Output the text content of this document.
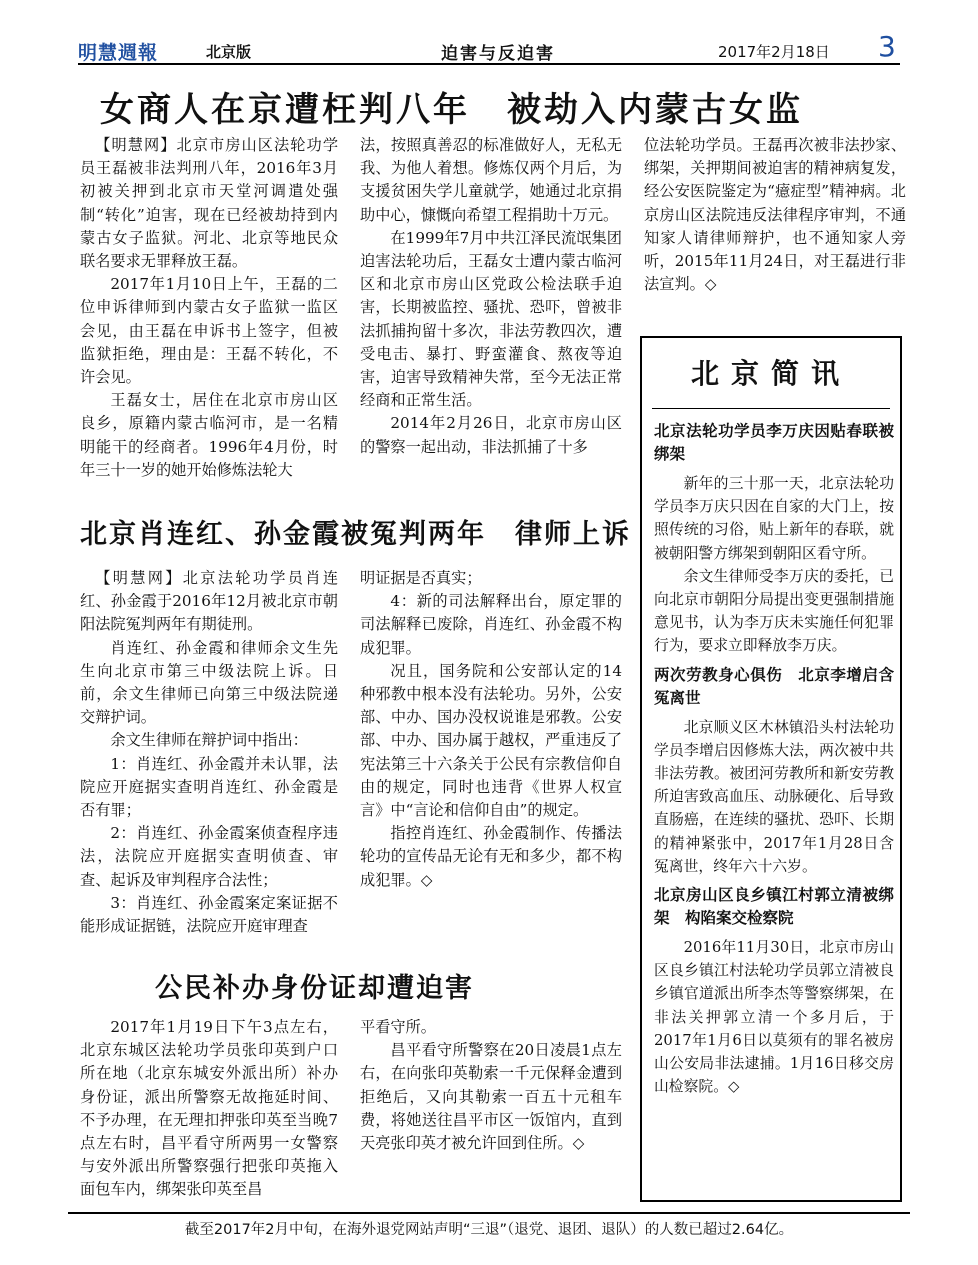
明慧週報	北京版	迫害与反迫害	2017年2月18日 3
女商人在京遭枉判八年　被劫入内蒙古女监

【明慧网】北京市房山区法轮功学员王磊被非法判刑八年，2016年3月初被关押到北京市天堂河调遣处强制“转化”迫害，现在已经被劫持到内蒙古女子监狱。河北、北京等地民众联名要求无罪释放王磊。

2017年1月10日上午，王磊的二位申诉律师到内蒙古女子监狱一监区会见，由王磊在申诉书上签字，但被监狱拒绝，理由是：王磊不转化，不许会见。

王磊女士，居住在北京市房山区良乡，原籍内蒙古临河市，是一名精明能干的经商者。1996年4月份，时年三十一岁的她开始修炼法轮大

法，按照真善忍的标准做好人，无私无我、为他人着想。修炼仅两个月后，为支援贫困失学儿童就学，她通过北京捐助中心，慷慨向希望工程捐助十万元。

在1999年7月中共江泽民流氓集团迫害法轮功后，王磊女士遭内蒙古临河区和北京市房山区党政公检法联手迫害，长期被监控、骚扰、恐吓，曾被非法抓捕拘留十多次，非法劳教四次，遭受电击、暴打、野蛮灌食、熬夜等迫害，迫害导致精神失常，至今无法正常经商和正常生活。

2014年2月26日，北京市房山区的警察一起出动，非法抓捕了十多

位法轮功学员。王磊再次被非法抄家、绑架，关押期间被迫害的精神病复发，经公安医院鉴定为“癔症型”精神病。北京房山区法院违反法律程序审判，不通知家人请律师辩护，也不通知家人旁听，2015年11月24日，对王磊进行非法宣判。◇

北京肖连红、孙金霞被冤判两年　律师上诉

【明慧网】北京法轮功学员肖连红、孙金霞于2016年12月被北京市朝阳法院冤判两年有期徒刑。

肖连红、孙金霞和律师余文生先生向北京市第三中级法院上诉。日前，余文生律师已向第三中级法院递交辩护词。

余文生律师在辩护词中指出：

1：肖连红、孙金霞并未认罪，法院应开庭据实查明肖连红、孙金霞是否有罪；

2：肖连红、孙金霞案侦查程序违法，法院应开庭据实查明侦查、审查、起诉及审判程序合法性；

3：肖连红、孙金霞案定案证据不能形成证据链，法院应开庭审理查

明证据是否真实；

4：新的司法解释出台，原定罪的司法解释已废除，肖连红、孙金霞不构成犯罪。

况且，国务院和公安部认定的14种邪教中根本没有法轮功。另外，公安部、中办、国办没权说谁是邪教。公安部、中办、国办属于越权，严重违反了宪法第三十六条关于公民有宗教信仰自由的规定，同时也违背《世界人权宣言》中“言论和信仰自由”的规定。

指控肖连红、孙金霞制作、传播法轮功的宣传品无论有无和多少，都不构成犯罪。◇

公民补办身份证却遭迫害

2017年1月19日下午3点左右，北京东城区法轮功学员张印英到户口所在地（北京东城安外派出所）补办身份证，派出所警察无故拖延时间、不予办理，在无理扣押张印英至当晚7点左右时，昌平看守所两男一女警察与安外派出所警察强行把张印英拖入面包车内，绑架张印英至昌

平看守所。

昌平看守所警察在20日凌晨1点左右，在向张印英勒索一千元保释金遭到拒绝后，又向其勒索一百五十元租车费，将她送往昌平市区一饭馆内，直到天亮张印英才被允许回到住所。◇

北京简讯
北京法轮功学员李万庆因贴春联被绑架

新年的三十那一天，北京法轮功学员李万庆只因在自家的大门上，按照传统的习俗，贴上新年的春联，就被朝阳警方绑架到朝阳区看守所。

余文生律师受李万庆的委托，已向北京市朝阳分局提出变更强制措施意见书，认为李万庆未实施任何犯罪行为，要求立即释放李万庆。

两次劳教身心俱伤　北京李增启含冤离世

北京顺义区木林镇沿头村法轮功学员李增启因修炼大法，两次被中共非法劳教。被团河劳教所和新安劳教所迫害致高血压、动脉硬化、后导致直肠癌，在连续的骚扰、恐吓、长期的精神紧张中，2017年1月28日含冤离世，终年六十六岁。

北京房山区良乡镇江村郭立清被绑架　构陷案交检察院

2016年11月30日，北京市房山区良乡镇江村法轮功学员郭立清被良乡镇官道派出所李杰等警察绑架，在非法关押郭立清一个多月后，于2017年1月6日以莫须有的罪名被房山公安局非法逮捕。1月16日移交房山检察院。◇

截至2017年2月中旬，在海外退党网站声明“三退”（退党、退团、退队）的人数已超过2.64亿。
